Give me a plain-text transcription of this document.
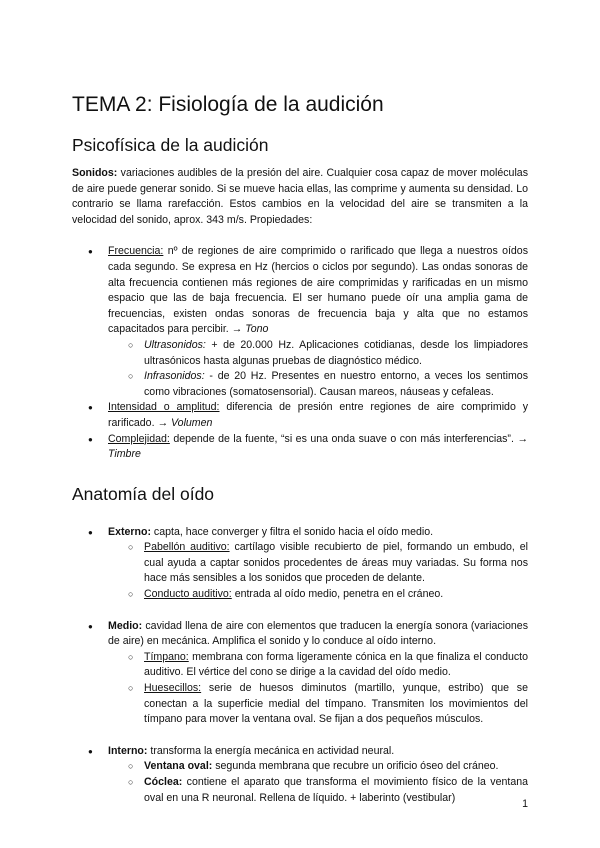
TEMA 2: Fisiología de la audición
Psicofísica de la audición

Sonidos: variaciones audibles de la presión del aire. Cualquier cosa capaz de mover moléculas de aire puede generar sonido. Si se mueve hacia ellas, las comprime y aumenta su densidad. Lo contrario se llama rarefacción. Estos cambios en la velocidad del aire se transmiten a la velocidad del sonido, aprox. 343 m/s. Propiedades:

● Frecuencia: nº de regiones de aire comprimido o rarificado que llega a nuestros oídos cada segundo. Se expresa en Hz (hercios o ciclos por segundo). Las ondas sonoras de alta frecuencia contienen más regiones de aire comprimidas y rarificadas en un mismo espacio que las de baja frecuencia. El ser humano puede oír una amplia gama de frecuencias, existen ondas sonoras de frecuencia baja y alta que no estamos capacitados para percibir. → Tono
○ Ultrasonidos: + de 20.000 Hz. Aplicaciones cotidianas, desde los limpiadores ultrasónicos hasta algunas pruebas de diagnóstico médico.
○ Infrasonidos: - de 20 Hz. Presentes en nuestro entorno, a veces los sentimos como vibraciones (somatosensorial). Causan mareos, náuseas y cefaleas.
● Intensidad o amplitud: diferencia de presión entre regiones de aire comprimido y rarificado. → Volumen
● Complejidad: depende de la fuente, “si es una onda suave o con más interferencias”. → Timbre
Anatomía del oído
● Externo: capta, hace converger y filtra el sonido hacia el oído medio.
○ Pabellón auditivo: cartílago visible recubierto de piel, formando un embudo, el cual ayuda a captar sonidos procedentes de áreas muy variadas. Su forma nos hace más sensibles a los sonidos que proceden de delante.
○ Conducto auditivo: entrada al oído medio, penetra en el cráneo.
● Medio: cavidad llena de aire con elementos que traducen la energía sonora (variaciones de aire) en mecánica. Amplifica el sonido y lo conduce al oído interno.
○ Tímpano: membrana con forma ligeramente cónica en la que finaliza el conducto auditivo. El vértice del cono se dirige a la cavidad del oído medio.
○ Huesecillos: serie de huesos diminutos (martillo, yunque, estribo) que se conectan a la superficie medial del tímpano. Transmiten los movimientos del tímpano para mover la ventana oval. Se fijan a dos pequeños músculos.
● Interno: transforma la energía mecánica en actividad neural.
○ Ventana oval: segunda membrana que recubre un orificio óseo del cráneo.
○ Cóclea: contiene el aparato que transforma el movimiento físico de la ventana oval en una R neuronal. Rellena de líquido. + laberinto (vestibular)
1
